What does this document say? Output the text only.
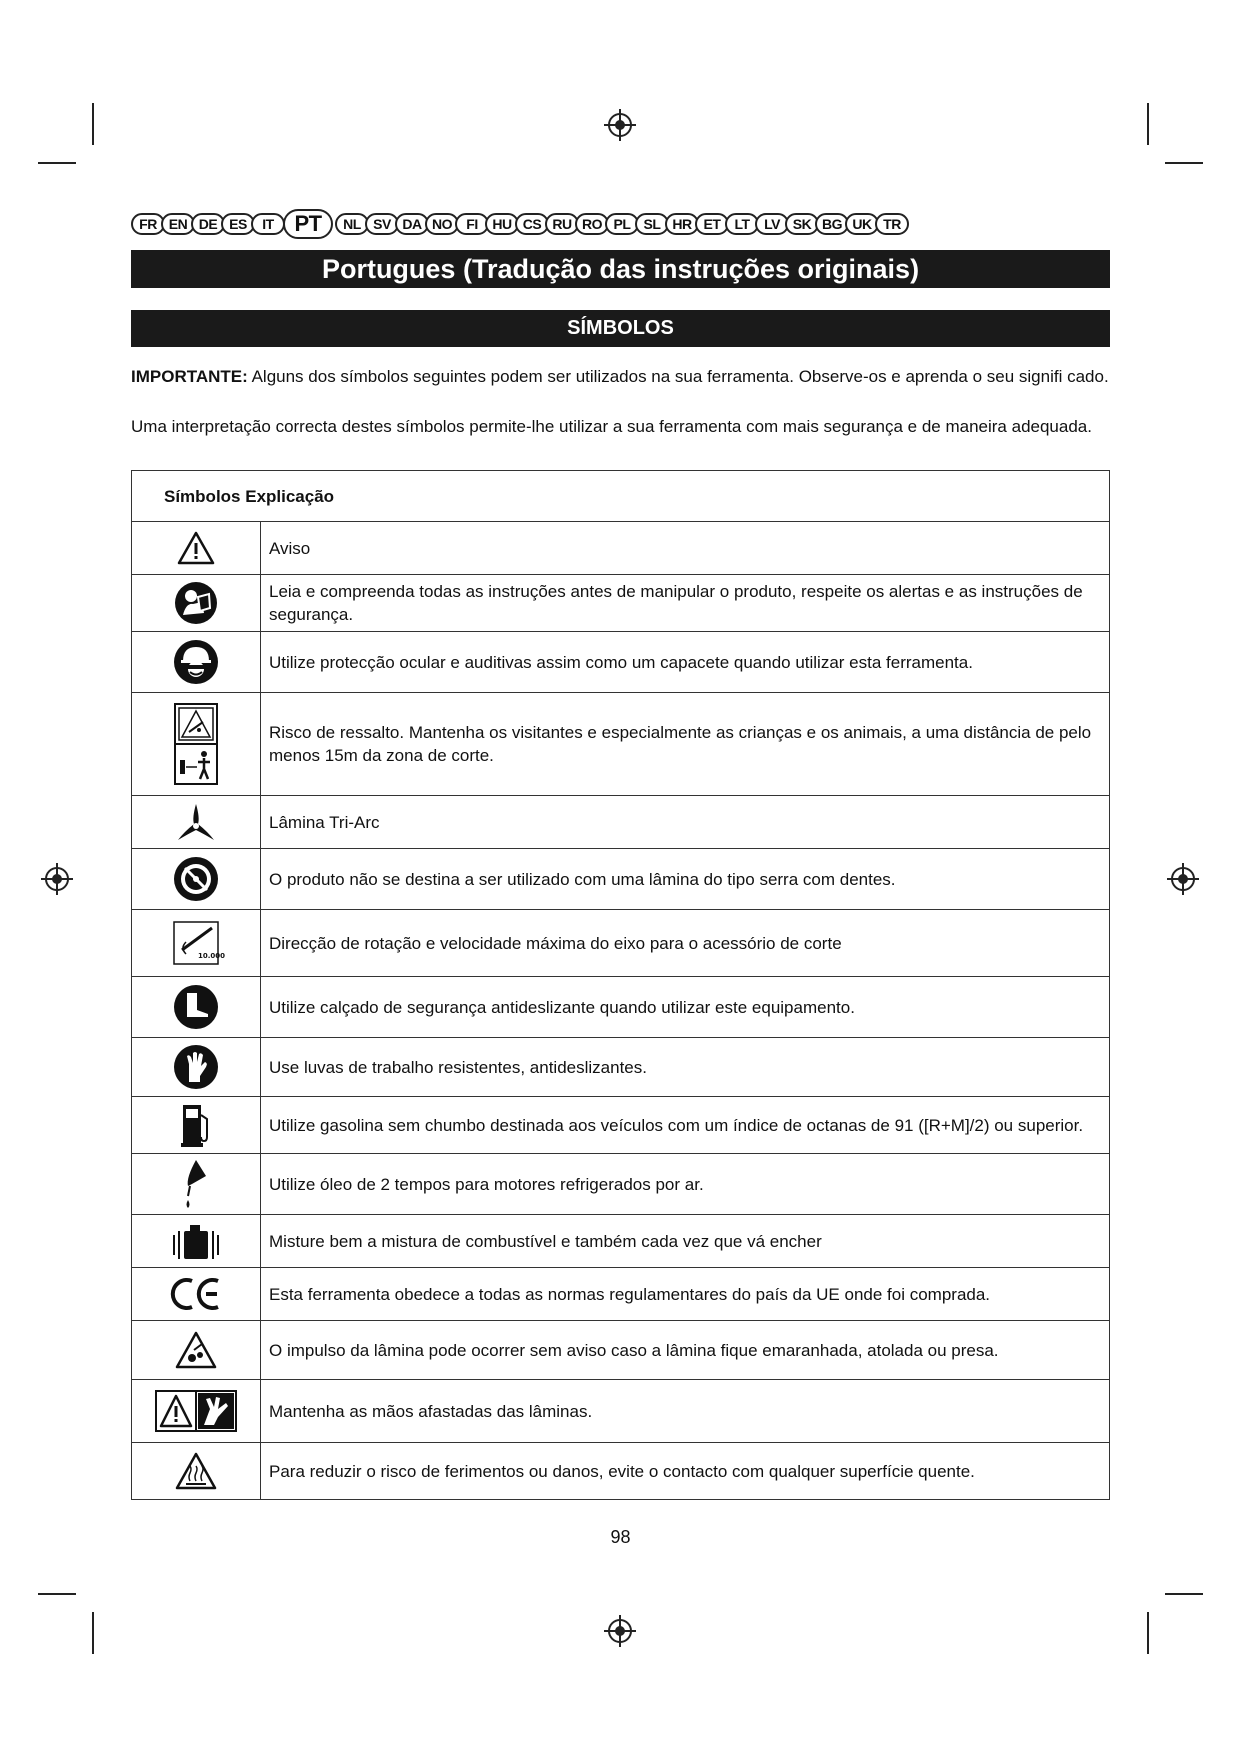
FR EN DE ES	IT PT	NL SV DA NO	FI	HU CS RU RO PL SL HR ET	LT	LV SK BG UK TR
Portugues (Tradução das instruções originais)
SÍMBOLOS
IMPORTANTE: Alguns dos símbolos seguintes podem ser utilizados na sua ferramenta. Observe-os e aprenda o seu signifi cado.
Uma interpretação correcta destes símbolos permite-lhe utilizar a sua ferramenta com mais segurança e de maneira adequada.
Símbolos Explicação	

	Aviso

	Leia e compreenda todas as instruções antes de manipular o produto, respeite os alertas e as instruções de segurança.

	Utilize protecção ocular e auditivas assim como um capacete quando utilizar esta ferramenta.

	Risco de ressalto. Mantenha os visitantes e especialmente as crianças e os animais, a uma distância de pelo menos 15m da zona de corte.

	Lâmina Tri-Arc

	O produto não se destina a ser utilizado com uma lâmina do tipo serra com dentes.

10.000	Direcção de rotação e velocidade máxima do eixo para o acessório de corte

	Utilize calçado de segurança antideslizante quando utilizar este equipamento.

	Use luvas de trabalho resistentes, antideslizantes.

	Utilize gasolina sem chumbo destinada aos veículos com um índice de octanas de 91 ([R+M]/2) ou superior.

	Utilize óleo de 2 tempos para motores refrigerados por ar.

	Misture bem a mistura de combustível e também cada vez que vá encher

	Esta ferramenta obedece a todas as normas regulamentares do país da UE onde foi comprada.

	O impulso da lâmina pode ocorrer sem aviso caso a lâmina fique emaranhada, atolada ou presa.

	Mantenha as mãos afastadas das lâminas.

	Para reduzir o risco de ferimentos ou danos, evite o contacto com qualquer superfície quente.
98
